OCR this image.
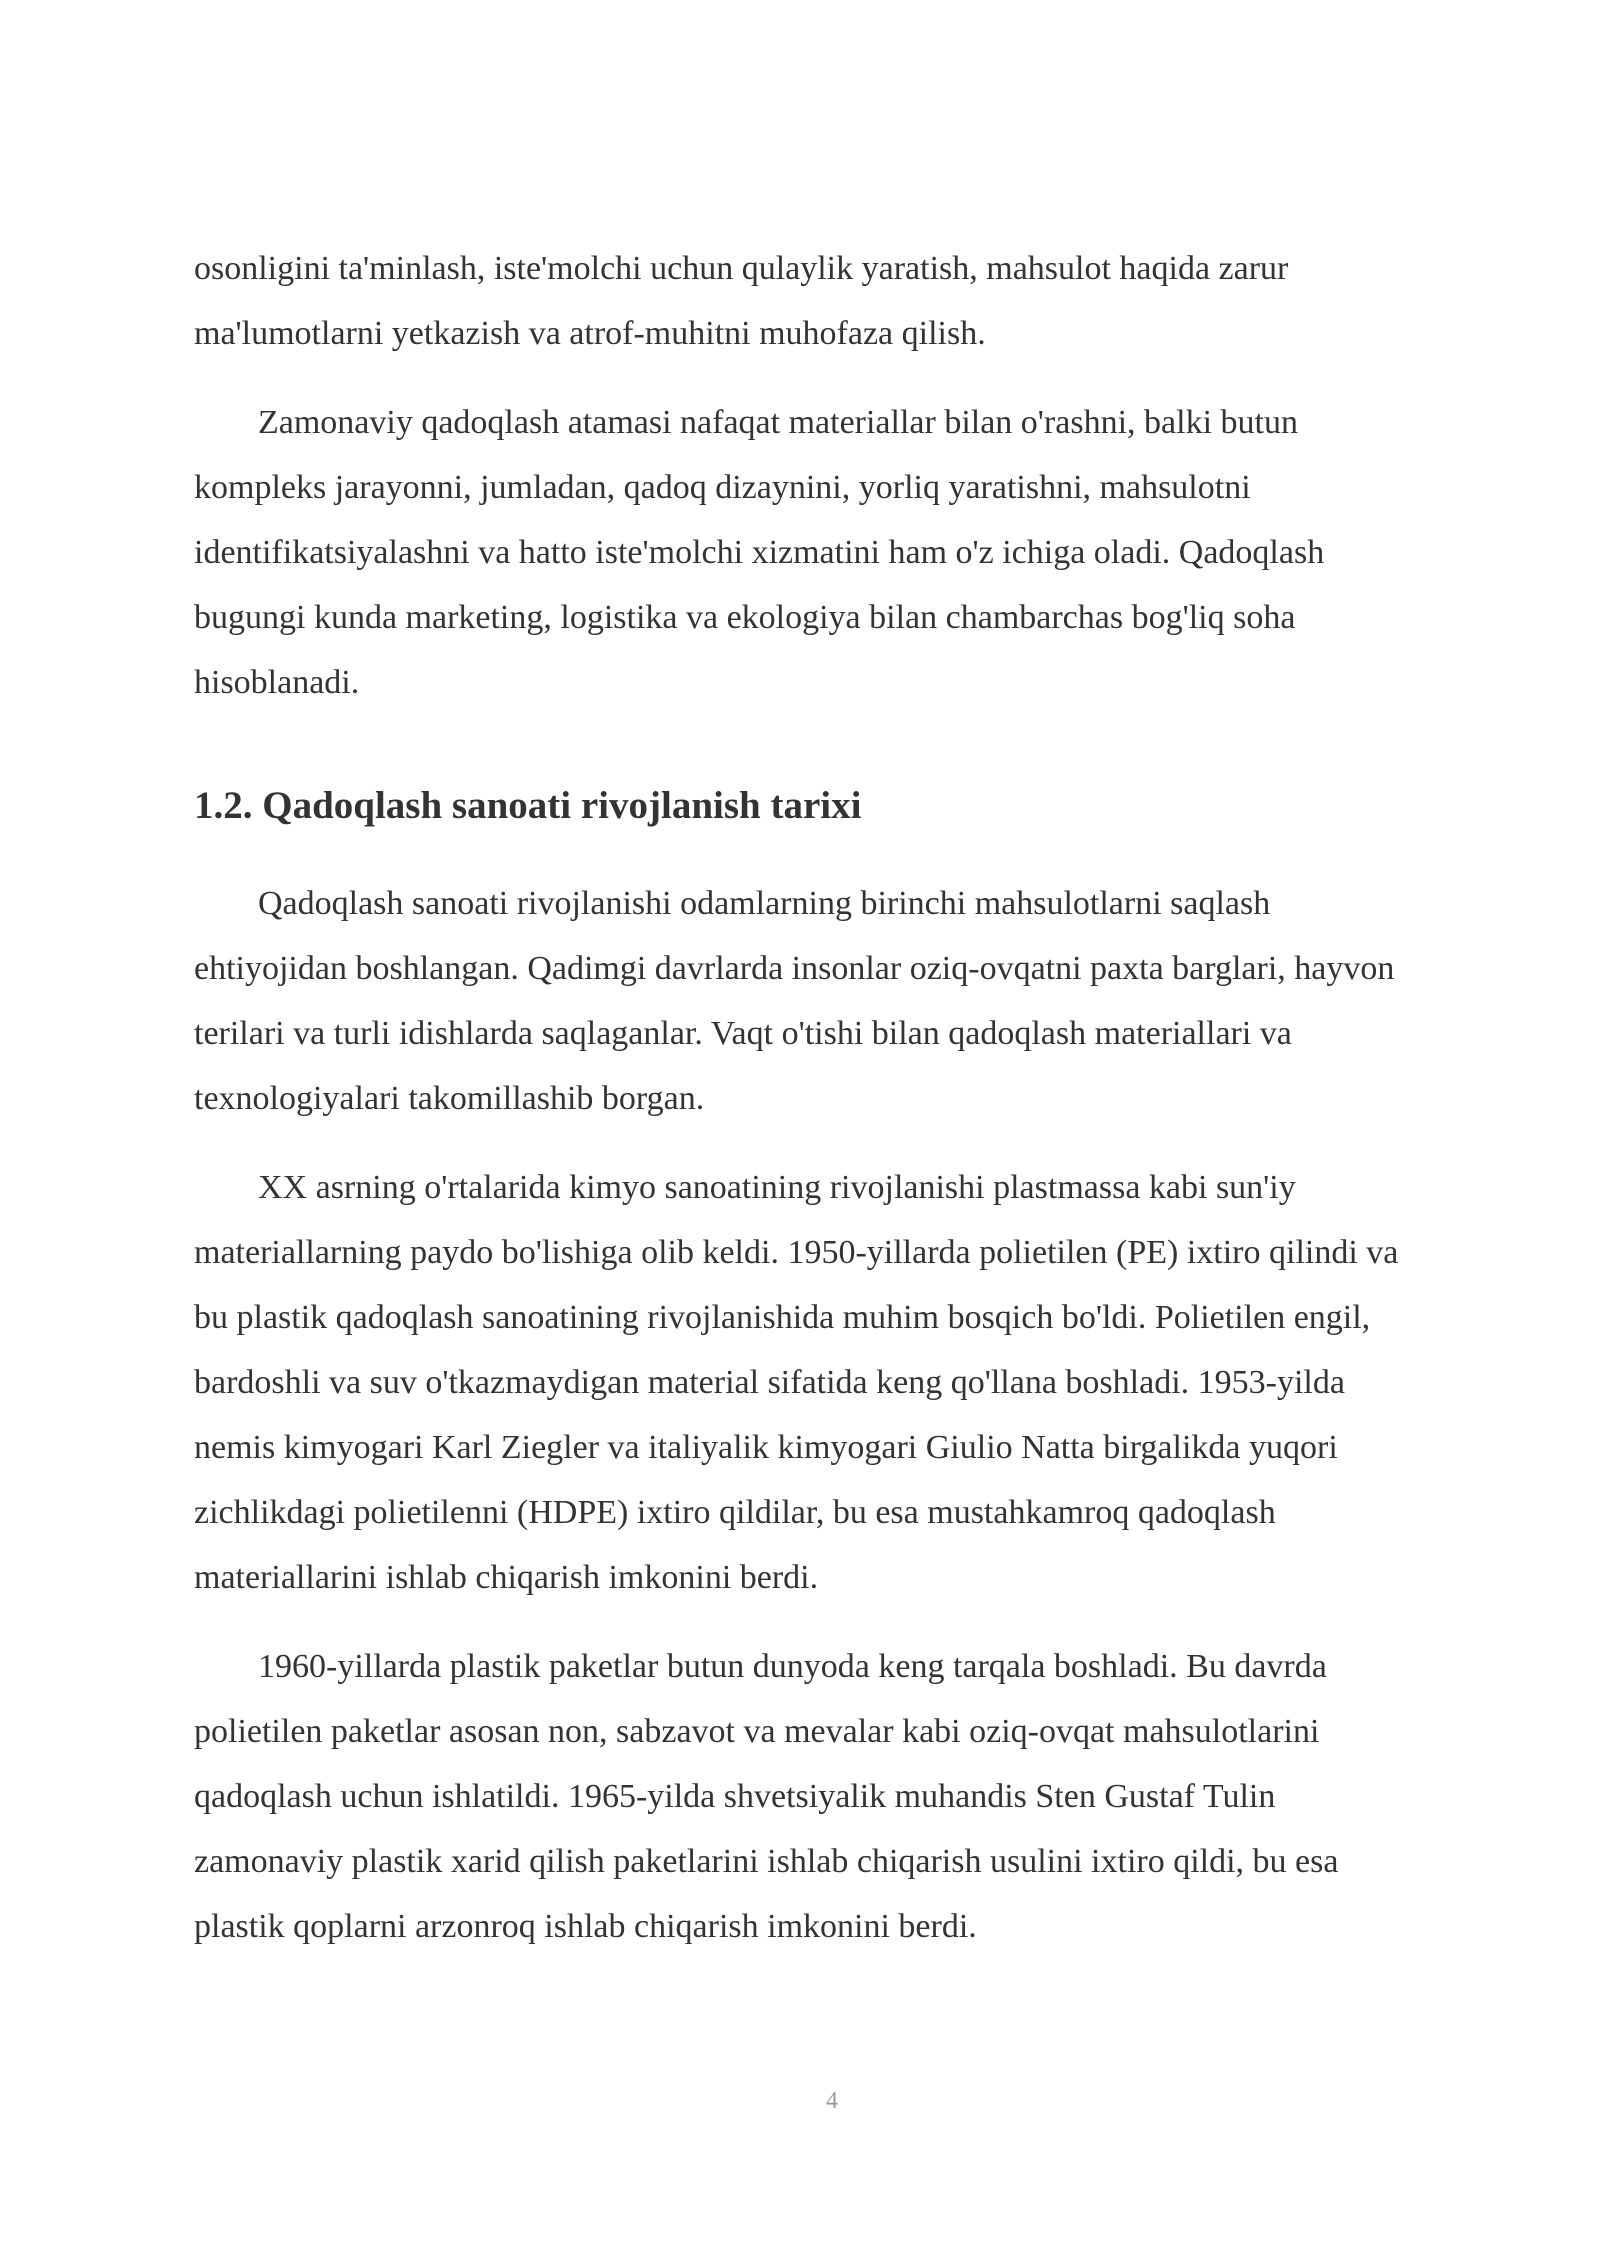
osonligini ta'minlash, iste'molchi uchun qulaylik yaratish, mahsulot haqida zarur ma'lumotlarni yetkazish va atrof-muhitni muhofaza qilish.

Zamonaviy qadoqlash atamasi nafaqat materiallar bilan o'rashni, balki butun kompleks jarayonni, jumladan, qadoq dizaynini, yorliq yaratishni, mahsulotni identifikatsiyalashni va hatto iste'molchi xizmatini ham o'z ichiga oladi. Qadoqlash bugungi kunda marketing, logistika va ekologiya bilan chambarchas bog'liq soha hisoblanadi.

1.2. Qadoqlash sanoati rivojlanish tarixi

Qadoqlash sanoati rivojlanishi odamlarning birinchi mahsulotlarni saqlash ehtiyojidan boshlangan. Qadimgi davrlarda insonlar oziq-ovqatni paxta barglari, hayvon terilari va turli idishlarda saqlaganlar. Vaqt o'tishi bilan qadoqlash materiallari va texnologiyalari takomillashib borgan.

XX asrning o'rtalarida kimyo sanoatining rivojlanishi plastmassa kabi sun'iy materiallarning paydo bo'lishiga olib keldi. 1950-yillarda polietilen (PE) ixtiro qilindi va bu plastik qadoqlash sanoatining rivojlanishida muhim bosqich bo'ldi. Polietilen engil, bardoshli va suv o'tkazmaydigan material sifatida keng qo'llana boshladi. 1953-yilda nemis kimyogari Karl Ziegler va italiyalik kimyogari Giulio Natta birgalikda yuqori zichlikdagi polietilenni (HDPE) ixtiro qildilar, bu esa mustahkamroq qadoqlash materiallarini ishlab chiqarish imkonini berdi.

1960-yillarda plastik paketlar butun dunyoda keng tarqala boshladi. Bu davrda polietilen paketlar asosan non, sabzavot va mevalar kabi oziq-ovqat mahsulotlarini qadoqlash uchun ishlatildi. 1965-yilda shvetsiyalik muhandis Sten Gustaf Tulin zamonaviy plastik xarid qilish paketlarini ishlab chiqarish usulini ixtiro qildi, bu esa plastik qoplarni arzonroq ishlab chiqarish imkonini berdi.

4
